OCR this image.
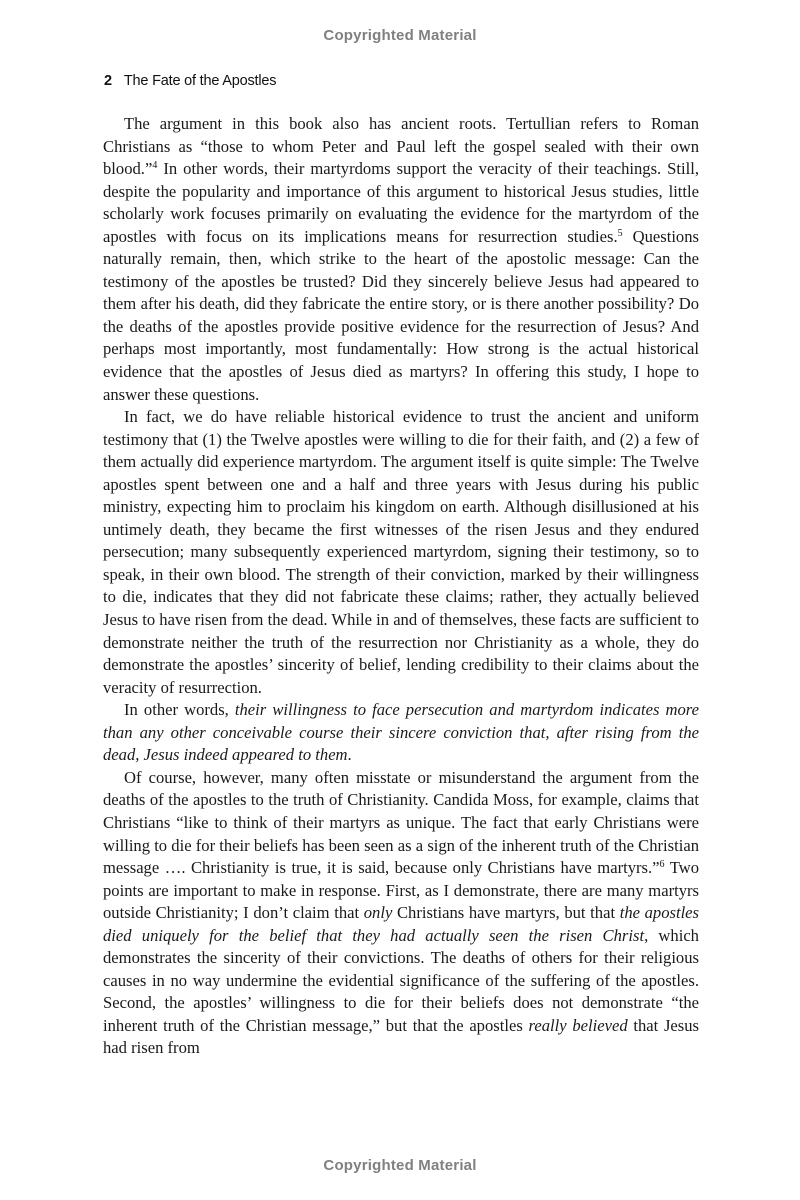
Copyrighted Material
2 The Fate of the Apostles

The argument in this book also has ancient roots. Tertullian refers to Roman Christians as “those to whom Peter and Paul left the gospel sealed with their own blood.”$^4$ In other words, their martyrdoms support the veracity of their teachings. Still, despite the popularity and importance of this argument to historical Jesus studies, little scholarly work focuses primarily on evaluating the evidence for the martyrdom of the apostles with focus on its implications means for resurrection studies.$^5$ Questions naturally remain, then, which strike to the heart of the apostolic message: Can the testimony of the apostles be trusted? Did they sincerely believe Jesus had appeared to them after his death, did they fabricate the entire story, or is there another possibility? Do the deaths of the apostles provide positive evidence for the resurrection of Jesus? And perhaps most importantly, most fundamentally: How strong is the actual historical evidence that the apostles of Jesus died as martyrs? In offering this study, I hope to answer these questions.

In fact, we do have reliable historical evidence to trust the ancient and uniform testimony that (1) the Twelve apostles were willing to die for their faith, and (2) a few of them actually did experience martyrdom. The argument itself is quite simple: The Twelve apostles spent between one and a half and three years with Jesus during his public ministry, expecting him to proclaim his kingdom on earth. Although disillusioned at his untimely death, they became the first witnesses of the risen Jesus and they endured persecution; many subsequently experienced martyrdom, signing their testimony, so to speak, in their own blood. The strength of their conviction, marked by their willingness to die, indicates that they did not fabricate these claims; rather, they actually believed Jesus to have risen from the dead. While in and of themselves, these facts are sufficient to demonstrate neither the truth of the resurrection nor Christianity as a whole, they do demonstrate the apostles’ sincerity of belief, lending credibility to their claims about the veracity of resurrection.

In other words, their willingness to face persecution and martyrdom indicates more than any other conceivable course their sincere conviction that, after rising from the dead, Jesus indeed appeared to them.

Of course, however, many often misstate or misunderstand the argument from the deaths of the apostles to the truth of Christianity. Candida Moss, for example, claims that Christians “like to think of their martyrs as unique. The fact that early Christians were willing to die for their beliefs has been seen as a sign of the inherent truth of the Christian message …. Christianity is true, it is said, because only Christians have martyrs.”$^6$ Two points are important to make in response. First, as I demonstrate, there are many martyrs outside Christianity; I don’t claim that only Christians have martyrs, but that the apostles died uniquely for the belief that they had actually seen the risen Christ, which demonstrates the sincerity of their convictions. The deaths of others for their religious causes in no way undermine the evidential significance of the suffering of the apostles. Second, the apostles’ willingness to die for their beliefs does not demonstrate “the inherent truth of the Christian message,” but that the apostles really believed that Jesus had risen from

Copyrighted Material
